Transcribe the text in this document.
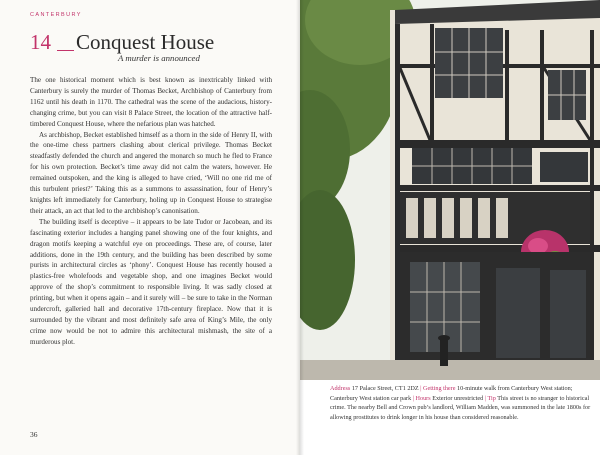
CANTERBURY
14 Conquest House
A murder is announced

The one historical moment which is best known as inextricably linked with Canterbury is surely the murder of Thomas Becket, Archbishop of Canterbury from 1162 until his death in 1170. The cathedral was the scene of the audacious, history-changing crime, but you can visit 8 Palace Street, the location of the attractive half-timbered Conquest House, where the nefarious plan was hatched.

As archbishop, Becket established himself as a thorn in the side of Henry II, with the one-time chess partners clashing about clerical privilege. Thomas Becket steadfastly defended the church and angered the monarch so much he fled to France for his own protection. Becket’s time away did not calm the waters, however. He remained outspoken, and the king is alleged to have cried, ‘Will no one rid me of this turbulent priest?’ Taking this as a summons to assassination, four of Henry’s knights left immediately for Canterbury, holing up in Conquest House to strategise their attack, an act that led to the archbishop’s canonisation.

The building itself is deceptive – it appears to be late Tudor or Jacobean, and its fascinating exterior includes a hanging panel showing one of the four knights, and dragon motifs keeping a watchful eye on proceedings. These are, of course, later additions, done in the 19th century, and the building has been described by some purists in architectural circles as ‘phony’. Conquest House has recently housed a plastics-free wholefoods and vegetable shop, and one imagines Becket would approve of the shop’s commitment to responsible living. It was sadly closed at printing, but when it opens again – and it surely will – be sure to take in the Norman undercroft, galleried hall and decorative 17th-century fireplace. Now that it is surrounded by the vibrant and most definitely safe area of King’s Mile, the only crime now would be not to admire this architectural mishmash, the site of a murderous plot.

36
Address 17 Palace Street, CT1 2DZ | Getting there 10-minute walk from Canterbury West station; Canterbury West station car park | Hours Exterior unrestricted | Tip This street is no stranger to historical crime. The nearby Bell and Crown pub’s landlord, William Madden, was summoned in the late 1800s for allowing prostitutes to drink longer in his house than considered reasonable.
